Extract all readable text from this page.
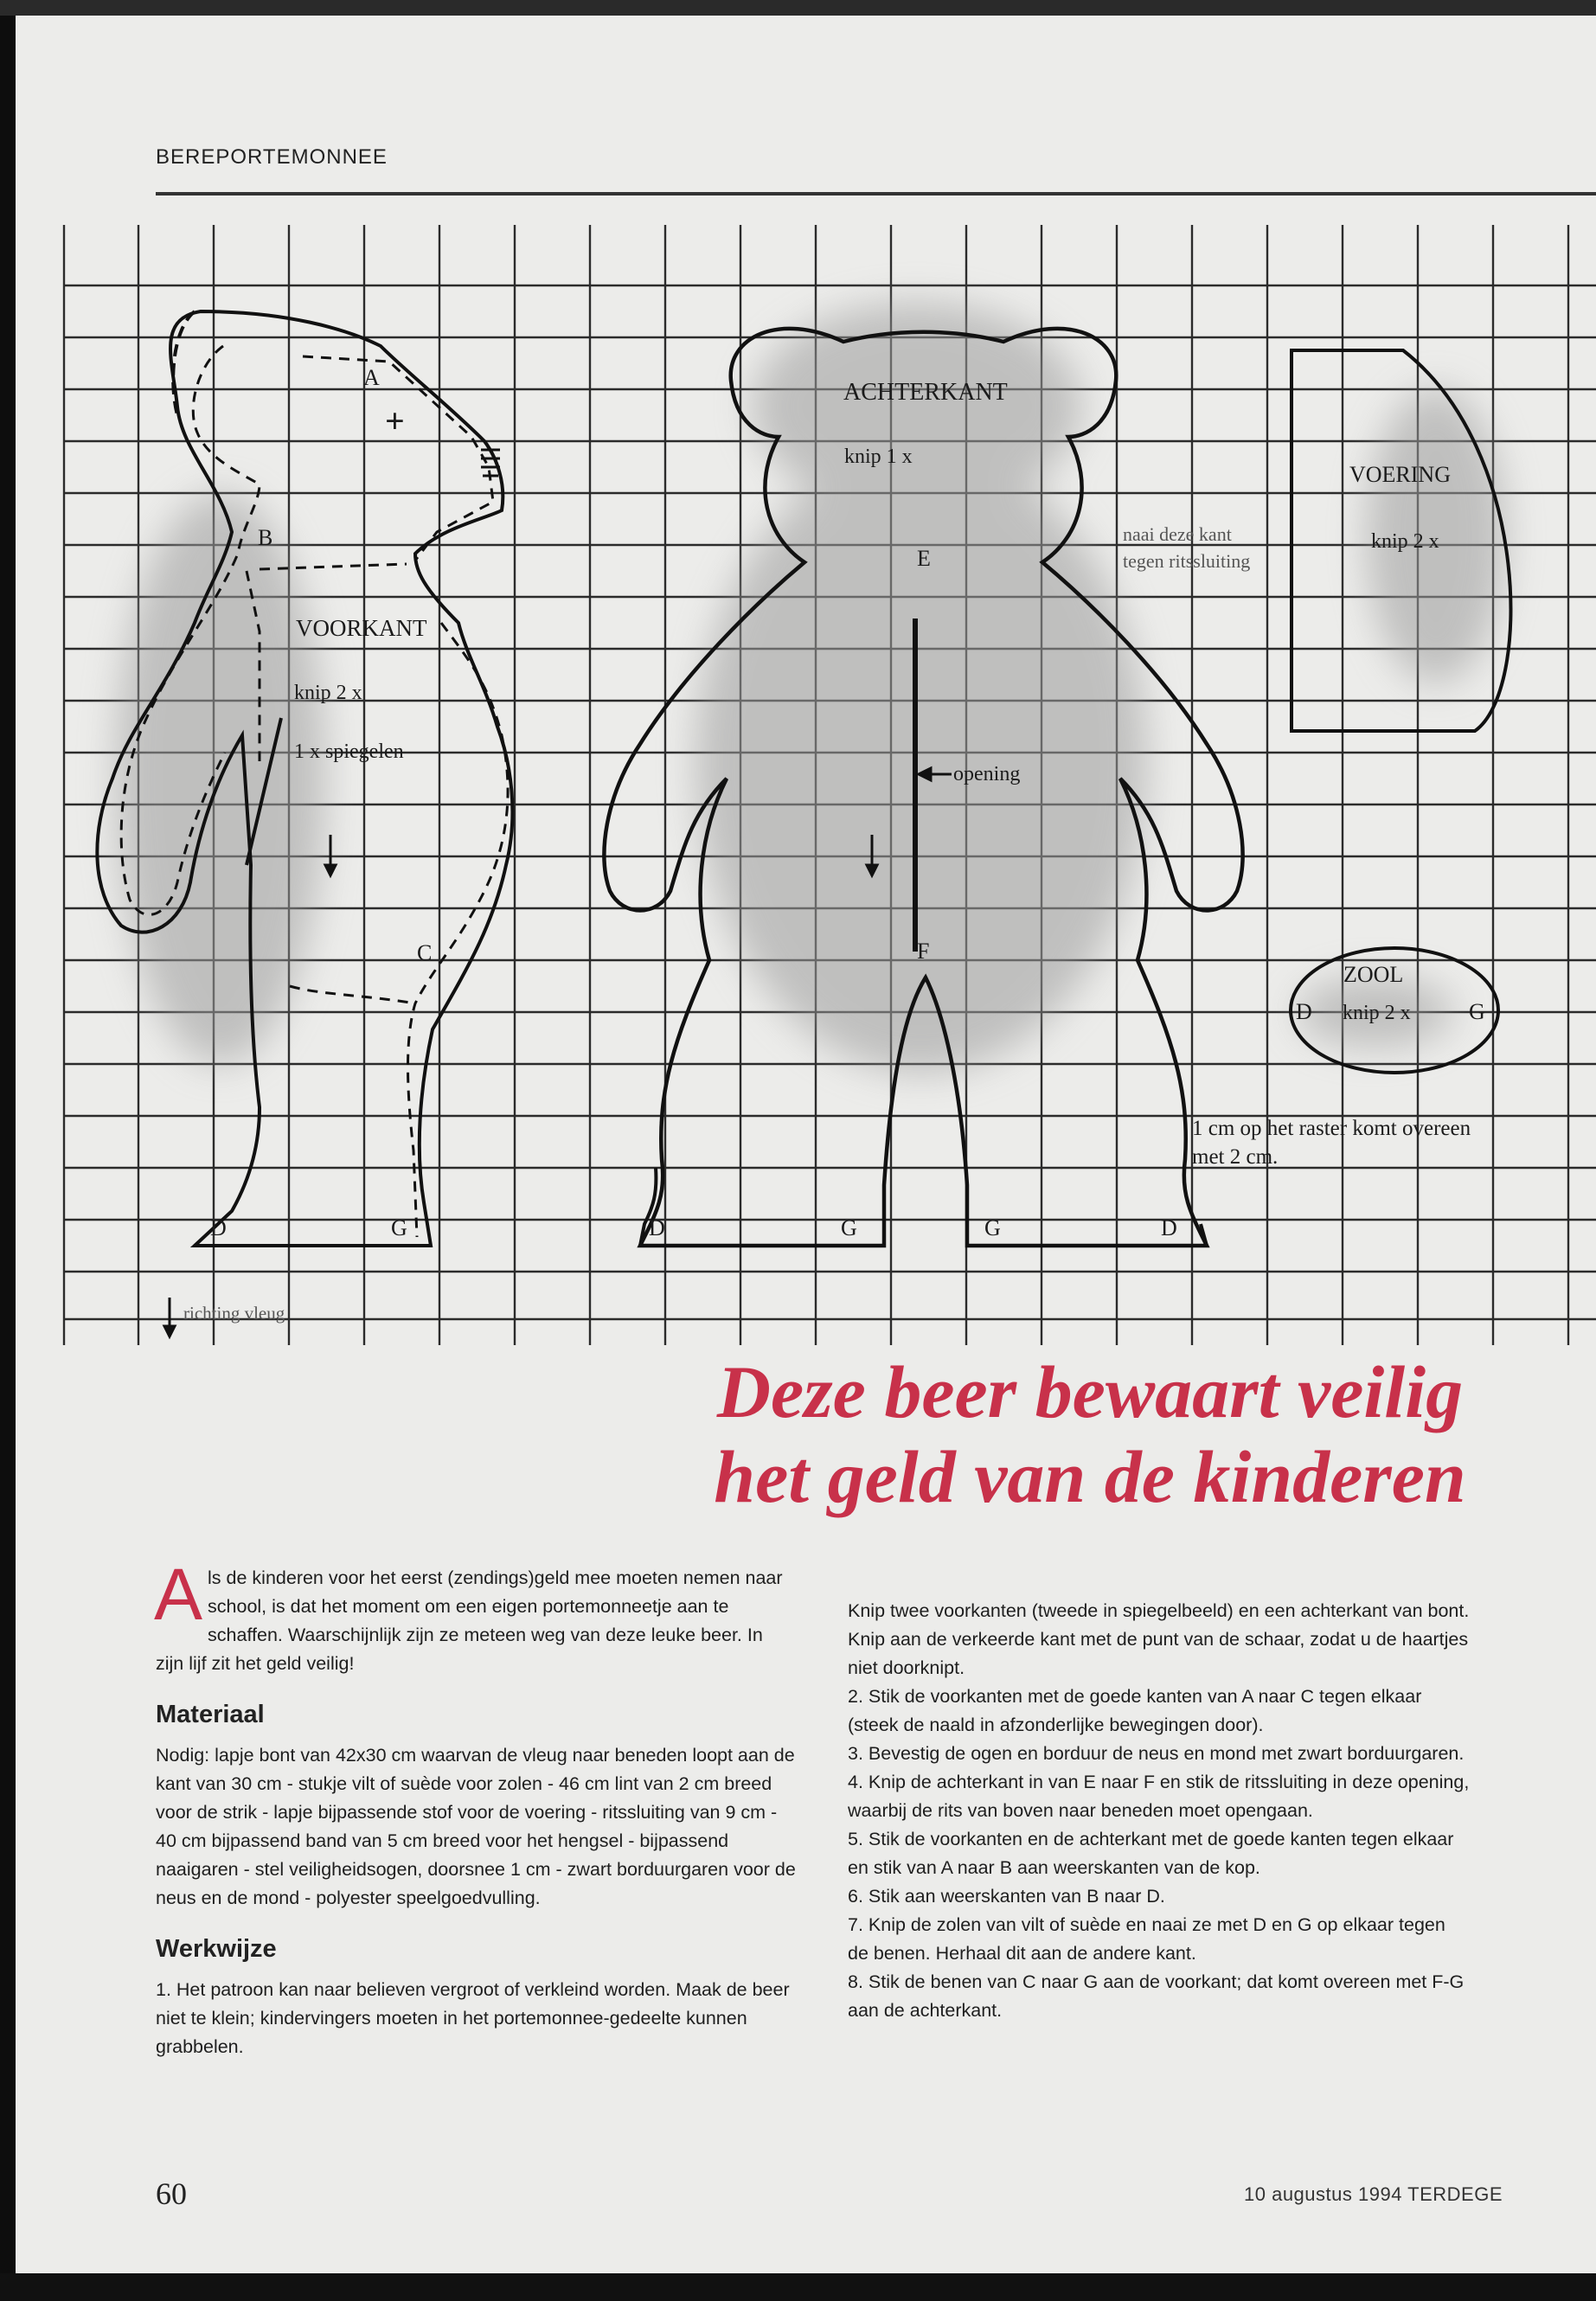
BEREPORTEMONNEE
A
+
B
VOORKANT
knip 2 x
1 x spiegelen
C
D	G
ACHTERKANT
knip 1 x
E
opening
F
D	G	G	D
naai deze kant
tegen ritssluiting
VOERING
knip 2 x
ZOOL
D knip 2 x	G
1 cm op het raster komt overeen
met 2 cm.
richting vleug
Deze beer bewaart veilig
het geld van de kinderen

Als de kinderen voor het eerst (zendings)geld mee moeten nemen naar school, is dat het moment om een eigen portemonneetje aan te schaffen. Waarschijnlijk zijn ze meteen weg van deze leuke beer. In zijn lijf zit het geld veilig!

Materiaal

Nodig: lapje bont van 42x30 cm waarvan de vleug naar beneden loopt aan de kant van 30 cm - stukje vilt of suède voor zolen - 46 cm lint van 2 cm breed voor de strik - lapje bijpassende stof voor de voering - ritssluiting van 9 cm - 40 cm bijpassend band van 5 cm breed voor het hengsel - bijpassend naaigaren - stel veiligheidsogen, doorsnee 1 cm - zwart borduurgaren voor de neus en de mond - polyester speelgoedvulling.

Werkwijze

1. Het patroon kan naar believen vergroot of verkleind worden. Maak de beer niet te klein; kindervingers moeten in het portemonnee-gedeelte kunnen grabbelen.

Knip twee voorkanten (tweede in spiegelbeeld) en een achterkant van bont. Knip aan de verkeerde kant met de punt van de schaar, zodat u de haartjes niet doorknipt.

2. Stik de voorkanten met de goede kanten van A naar C tegen elkaar (steek de naald in afzonderlijke bewegingen door).

3. Bevestig de ogen en borduur de neus en mond met zwart borduurgaren.

4. Knip de achterkant in van E naar F en stik de ritssluiting in deze opening, waarbij de rits van boven naar beneden moet opengaan.

5. Stik de voorkanten en de achterkant met de goede kanten tegen elkaar en stik van A naar B aan weerskanten van de kop.

6. Stik aan weerskanten van B naar D.

7. Knip de zolen van vilt of suède en naai ze met D en G op elkaar tegen de benen. Herhaal dit aan de andere kant.

8. Stik de benen van C naar G aan de voorkant; dat komt overeen met F-G aan de achterkant.

60	10 augustus 1994 TERDEGE
